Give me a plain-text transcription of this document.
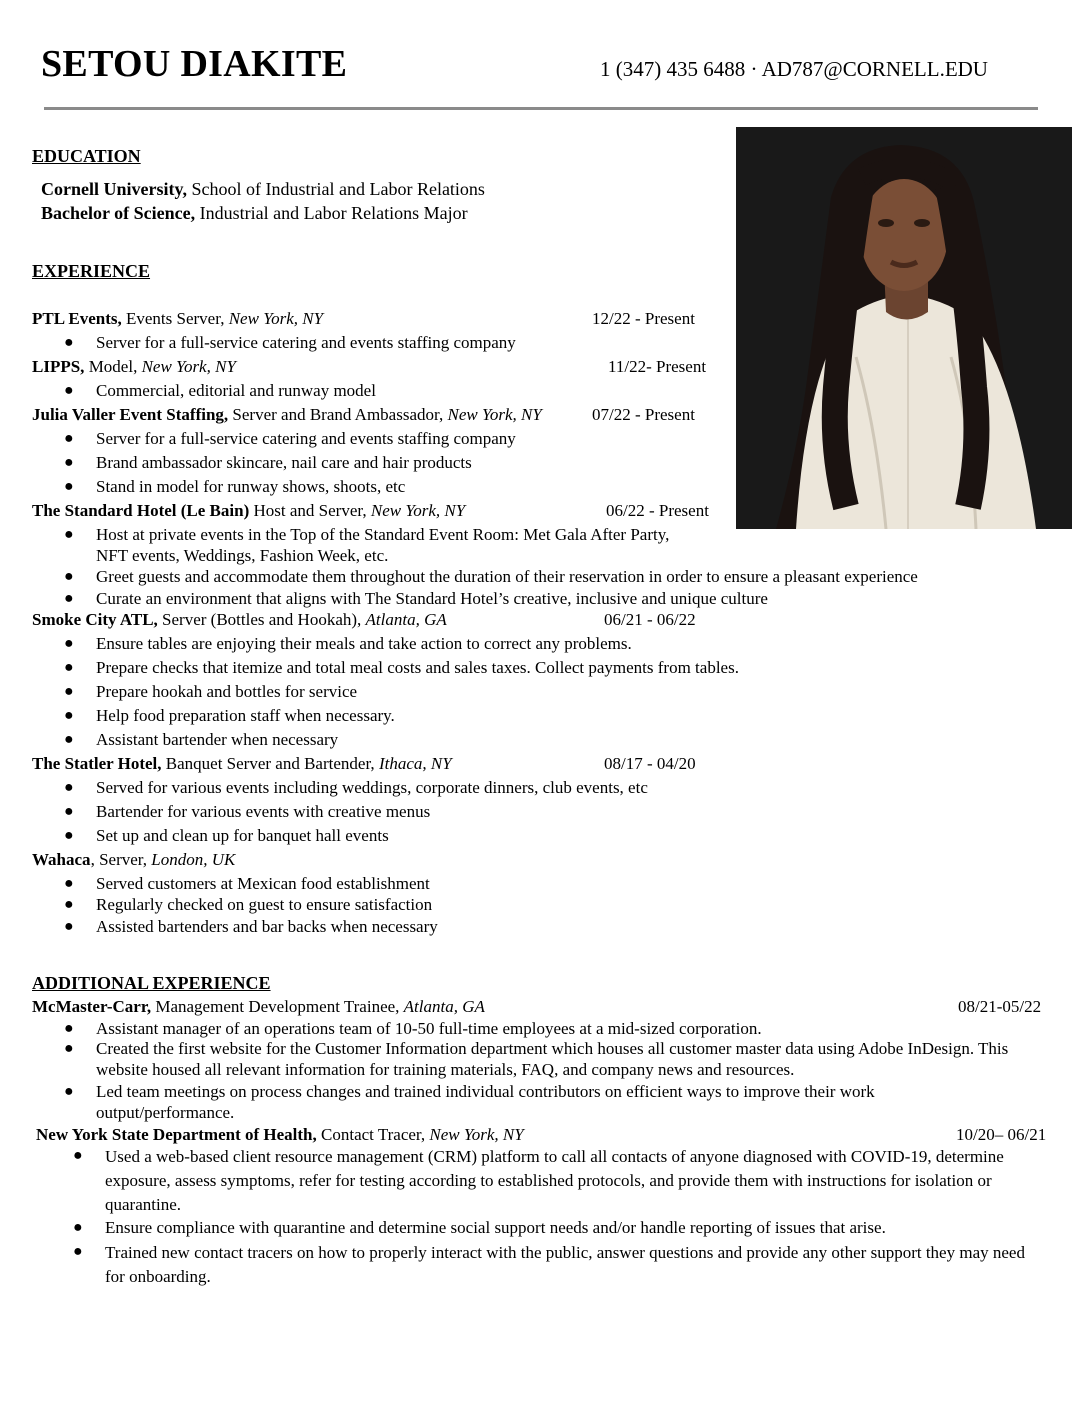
SETOU DIAKITE	1 (347) 435 6488 · AD787@CORNELL.EDU
EDUCATION
Cornell University, School of Industrial and Labor Relations
Bachelor of Science, Industrial and Labor Relations Major
EXPERIENCE
PTL Events, Events Server, New York, NY	12/22 - Present
● Server for a full-service catering and events staffing company
LIPPS, Model, New York, NY	11/22- Present
● Commercial, editorial and runway model
Julia Valler Event Staffing, Server and Brand Ambassador, New York, NY	07/22 - Present
● Server for a full-service catering and events staffing company
● Brand ambassador skincare, nail care and hair products
● Stand in model for runway shows, shoots, etc
The Standard Hotel (Le Bain) Host and Server, New York, NY	06/22 - Present
● Host at private events in the Top of the Standard Event Room: Met Gala After Party,
NFT events, Weddings, Fashion Week, etc.
● Greet guests and accommodate them throughout the duration of their reservation in order to ensure a pleasant experience
● Curate an environment that aligns with The Standard Hotel’s creative, inclusive and unique culture
Smoke City ATL, Server (Bottles and Hookah), Atlanta, GA	06/21 - 06/22
● Ensure tables are enjoying their meals and take action to correct any problems.
● Prepare checks that itemize and total meal costs and sales taxes. Collect payments from tables.
● Prepare hookah and bottles for service
● Help food preparation staff when necessary.
● Assistant bartender when necessary
The Statler Hotel, Banquet Server and Bartender, Ithaca, NY	08/17 - 04/20
● Served for various events including weddings, corporate dinners, club events, etc
● Bartender for various events with creative menus
● Set up and clean up for banquet hall events
Wahaca, Server, London, UK
● Served customers at Mexican food establishment
● Regularly checked on guest to ensure satisfaction
● Assisted bartenders and bar backs when necessary
ADDITIONAL EXPERIENCE
McMaster-Carr, Management Development Trainee, Atlanta, GA	08/21-05/22
● Assistant manager of an operations team of 10-50 full-time employees at a mid-sized corporation.
● Created the first website for the Customer Information department which houses all customer master data using Adobe InDesign. This website housed all relevant information for training materials, FAQ, and company news and resources.
● Led team meetings on process changes and trained individual contributors on efficient ways to improve their work output/performance.
New York State Department of Health, Contact Tracer, New York, NY	10/20– 06/21
● Used a web-based client resource management (CRM) platform to call all contacts of anyone diagnosed with COVID-19, determine exposure, assess symptoms, refer for testing according to established protocols, and provide them with instructions for isolation or quarantine.
● Ensure compliance with quarantine and determine social support needs and/or handle reporting of issues that arise.
● Trained new contact tracers on how to properly interact with the public, answer questions and provide any other support they may need for onboarding.
